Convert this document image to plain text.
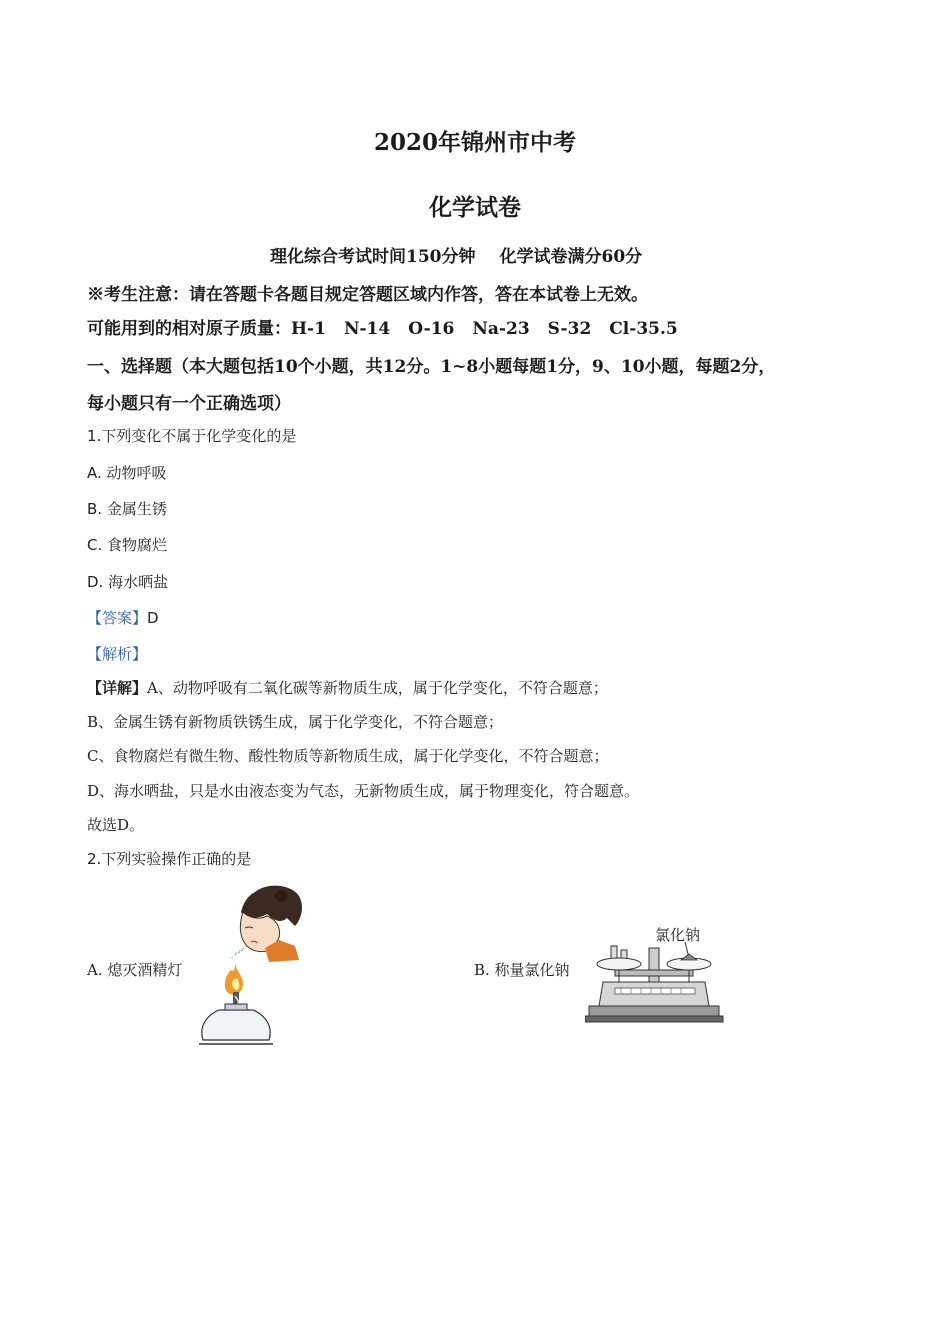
2020年锦州市中考
化学试卷
理化综合考试时间150分钟 化学试卷满分60分
※考生注意：请在答题卡各题目规定答题区域内作答，答在本试卷上无效。
可能用到的相对原子质量：H-1 N-14 O-16 Na-23 S-32 Cl-35.5
一、选择题（本大题包括10个小题，共12分。1~8小题每题1分，9、10小题，每题2分，
每小题只有一个正确选项）
1.下列变化不属于化学变化的是
A. 动物呼吸
B. 金属生锈
C. 食物腐烂
D. 海水晒盐
【答案】D
【解析】
【详解】A、动物呼吸有二氧化碳等新物质生成，属于化学变化，不符合题意；
B、金属生锈有新物质铁锈生成，属于化学变化，不符合题意；
C、食物腐烂有微生物、酸性物质等新物质生成，属于化学变化，不符合题意；
D、海水晒盐，只是水由液态变为气态，无新物质生成，属于物理变化，符合题意。
故选D。
2.下列实验操作正确的是
A. 熄灭酒精灯	B. 称量氯化钠
氯化钠
